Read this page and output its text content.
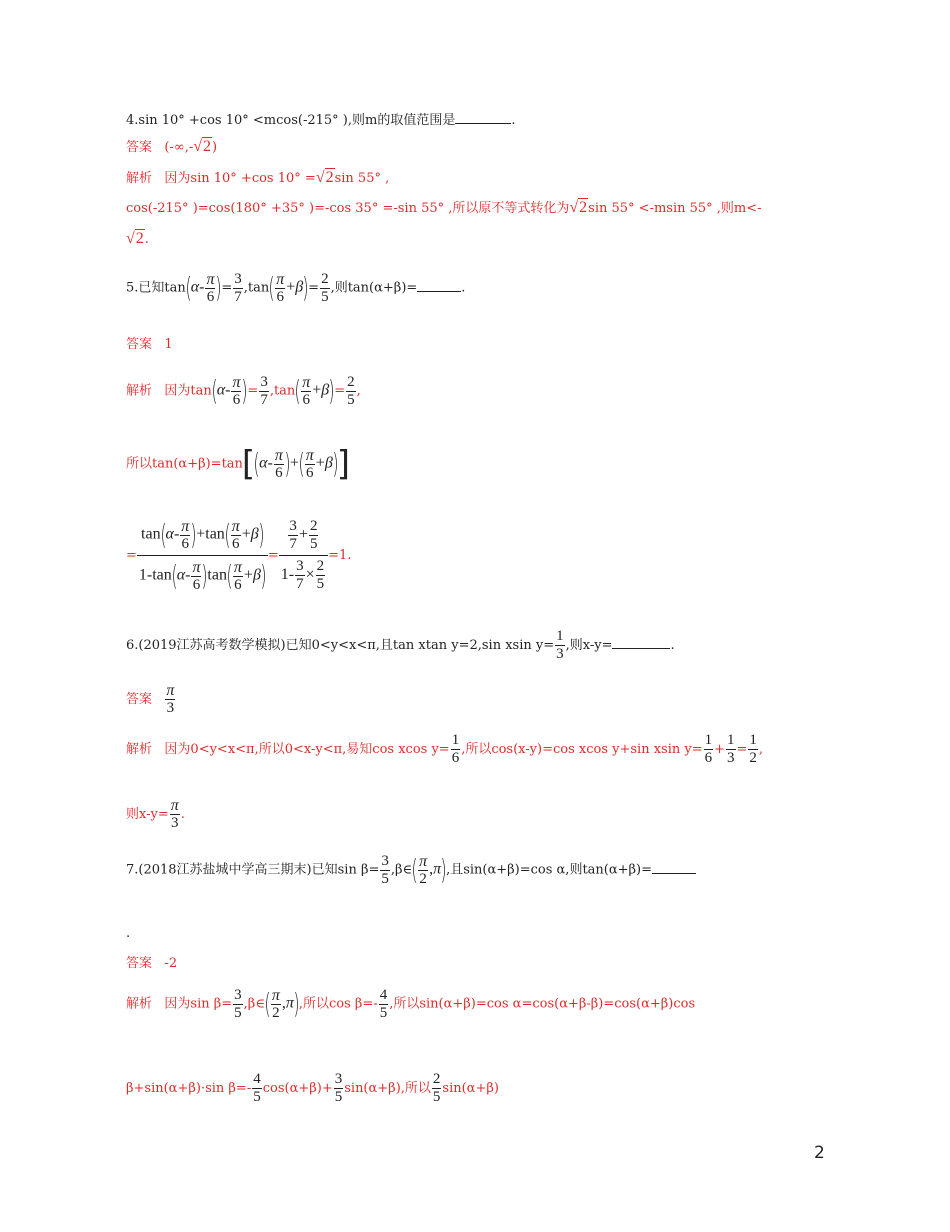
4.sin 10° +cos 10° <mcos(-215° ),则m的取值范围是	.
答案 (-∞,-√2)
解析 因为sin 10° +cos 10° =√2sin 55° ,
cos(-215° )=cos(180° +35° )=-cos 35° =-sin 55° ,所以原不等式转化为√2sin 55° <-msin 55° ,则m<-
√2.
5.已知$\tan(\alpha- \frac{\pi}{6}$ )= $\frac{3}{7} ,\tan( \frac{\pi}{6} +\beta)= \frac{2}{5}$ ,则tan(α+β)=	.
答案 1
解析 因为$\tan(\alpha- \frac{\pi}{6}$ )= $\frac{3}{7} ,\tan( \frac{\pi}{6} +\beta)= \frac{2}{5}$ ,
所以$\tan(\alpha+\beta)=\tan[(\alpha- \frac{\pi}{6}$ )+( $\frac{\pi}{6} +\beta$)]
= $\frac{\tan(\alpha- \frac{\pi}{6} )+\tan( \frac{\pi}{6} +\beta)}{1-\tan(\alpha- \frac{\pi}{6} )\tan( \frac{\pi}{6} +\beta)} = \frac{\frac{3}{7} + \frac{2}{5}}{1- \frac{3}{7} \times \frac{2}{5}} =1$.
6.(2019江苏高考数学模拟)已知0<y<x<π,且tan xtan y=2,sin xsin $y= \frac{1}{3}$ ,则x-y=	.
答案 $\frac{\pi}{3}$
解析 因为0<y<x<π,所以0<x-y<π,易知cos xcos $y= \frac{1}{6}$ ,所以cos(x-y)=cos xcos y+sin xsin $y= \frac{1}{6} + \frac{1}{3} = \frac{1}{2}$ ,
则$x-y= \frac{\pi}{3}$ .
7.(2018江苏盐城中学高三期末)已知$\sin \beta= \frac{3}{5}$ ,β∈( $\frac{\pi}{2} ,\pi$),且sin(α+β)=cos α,则tan(α+β)=
.
答案 -2
解析 因为$\sin \beta= \frac{3}{5}$ ,β∈( $\frac{\pi}{2} ,\pi$),所以$\cos \beta=- \frac{4}{5}$ ,所以sin(α+β)=cos α=cos(α+β-β)=cos(α+β)cos
β+sin(α+β)·sin $\beta=- \frac{4}{5} \cos(\alpha+\beta)+ \frac{3}{5} \sin(\alpha+\beta)$,所以 $\frac{2}{5} \sin(\alpha+\beta)$
2
